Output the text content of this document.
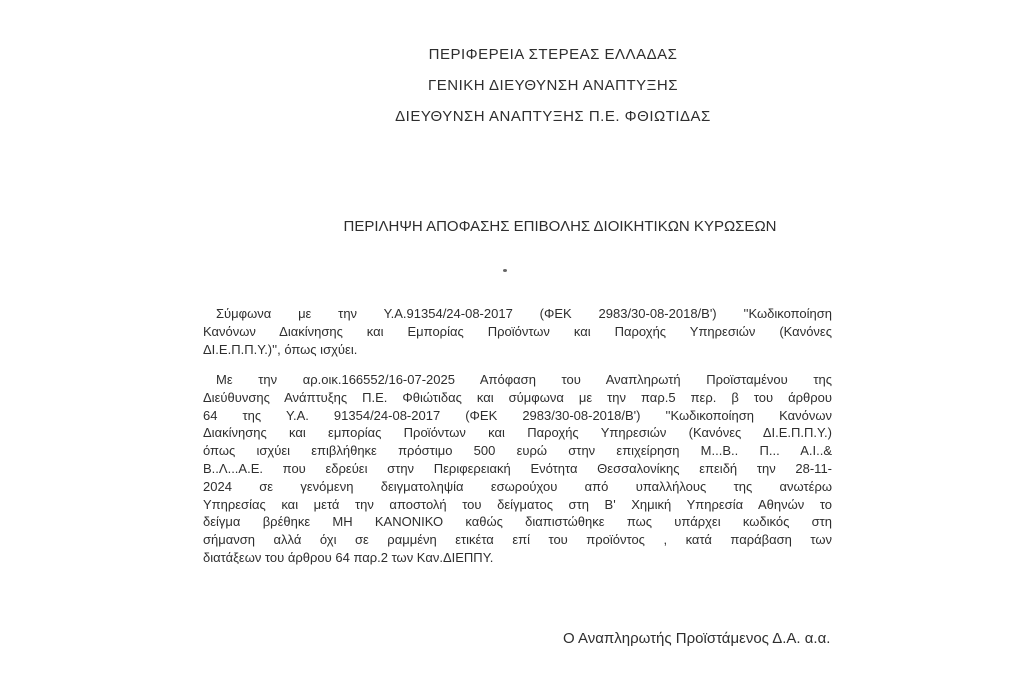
ΠΕΡΙΦΕΡΕΙΑ ΣΤΕΡΕΑΣ ΕΛΛΑΔΑΣ
ΓΕΝΙΚΗ ΔΙΕΥΘΥΝΣΗ ΑΝΑΠΤΥΞΗΣ
ΔΙΕΥΘΥΝΣΗ ΑΝΑΠΤΥΞΗΣ Π.Ε. ΦΘΙΩΤΙΔΑΣ
ΠΕΡΙΛΗΨΗ ΑΠΟΦΑΣΗΣ ΕΠΙΒΟΛΗΣ ΔΙΟΙΚΗΤΙΚΩΝ ΚΥΡΩΣΕΩΝ
Σύμφωνα με την Υ.Α.91354/24-08-2017 (ΦΕΚ 2983/30-08-2018/Β') ''Κωδικοποίηση
Κανόνων Διακίνησης και Εμπορίας Προϊόντων και Παροχής Υπηρεσιών (Κανόνες
ΔΙ.Ε.Π.Π.Υ.)'', όπως ισχύει.
Με την αρ.οικ.166552/16-07-2025 Απόφαση του Αναπληρωτή Προϊσταμένου της
Διεύθυνσης Ανάπτυξης Π.Ε. Φθιώτιδας και σύμφωνα με την παρ.5 περ. β του άρθρου
64 της Υ.Α. 91354/24-08-2017 (ΦΕΚ 2983/30-08-2018/Β') ''Κωδικοποίηση Κανόνων
Διακίνησης και εμπορίας Προϊόντων και Παροχής Υπηρεσιών (Κανόνες ΔΙ.Ε.Π.Π.Υ.)
όπως ισχύει επιβλήθηκε πρόστιμο 500 ευρώ στην επιχείρηση Μ...Β.. Π... Α.Ι..&
Β..Λ...Α.Ε. που εδρεύει στην Περιφερειακή Ενότητα Θεσσαλονίκης επειδή την 28-11-
2024 σε γενόμενη δειγματοληψία εσωρούχου από υπαλλήλους της ανωτέρω
Υπηρεσίας και μετά την αποστολή του δείγματος στη Β' Χημική Υπηρεσία Αθηνών το
δείγμα βρέθηκε ΜΗ ΚΑΝΟΝΙΚΟ καθώς διαπιστώθηκε πως υπάρχει κωδικός στη
σήμανση αλλά όχι σε ραμμένη ετικέτα επί του προϊόντος , κατά παράβαση των
διατάξεων του άρθρου 64 παρ.2 των Καν.ΔΙΕΠΠΥ.
Ο Αναπληρωτής Προϊστάμενος Δ.Α. α.α.
